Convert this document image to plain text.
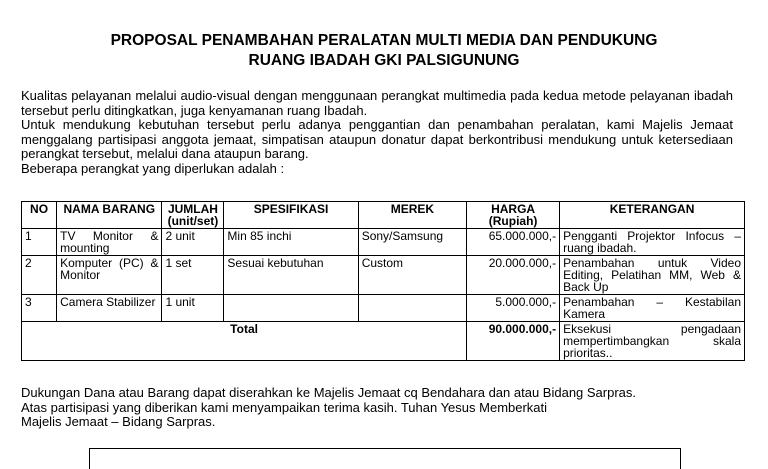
PROPOSAL PENAMBAHAN PERALATAN MULTI MEDIA DAN PENDUKUNG
RUANG IBADAH GKI PALSIGUNUNG

Kualitas pelayanan melalui audio-visual dengan menggunaan perangkat multimedia pada kedua metode pelayanan ibadah tersebut perlu ditingkatkan, juga kenyamanan ruang Ibadah.

Untuk mendukung kebutuhan tersebut perlu adanya penggantian dan penambahan peralatan, kami Majelis Jemaat menggalang partisipasi anggota jemaat, simpatisan ataupun donatur dapat berkontribusi mendukung untuk ketersediaan perangkat tersebut, melalui dana ataupun barang.

Beberapa perangkat yang diperlukan adalah :

NO	NAMA BARANG	JUMLAH (unit/set)	SPESIFIKASI	MEREK	HARGA (Rupiah)	KETERANGAN
1	TV Monitor & mounting	2 unit	Min 85 inchi	Sony/Samsung	65.000.000,-	Pengganti Projektor Infocus – ruang ibadah.
2	Komputer (PC) & Monitor	1 set	Sesuai kebutuhan	Custom	20.000.000,-	Penambahan untuk Video Editing, Pelatihan MM, Web & Back Up
3	Camera Stabilizer	1 unit			5.000.000,-	Penambahan – Kestabilan Kamera
Total					90.000.000,-	Eksekusi pengadaan mempertimbangkan skala prioritas..

Dukungan Dana atau Barang dapat diserahkan ke Majelis Jemaat cq Bendahara dan atau Bidang Sarpras.

Atas partisipasi yang diberikan kami menyampaikan terima kasih. Tuhan Yesus Memberkati

Majelis Jemaat – Bidang Sarpras.
